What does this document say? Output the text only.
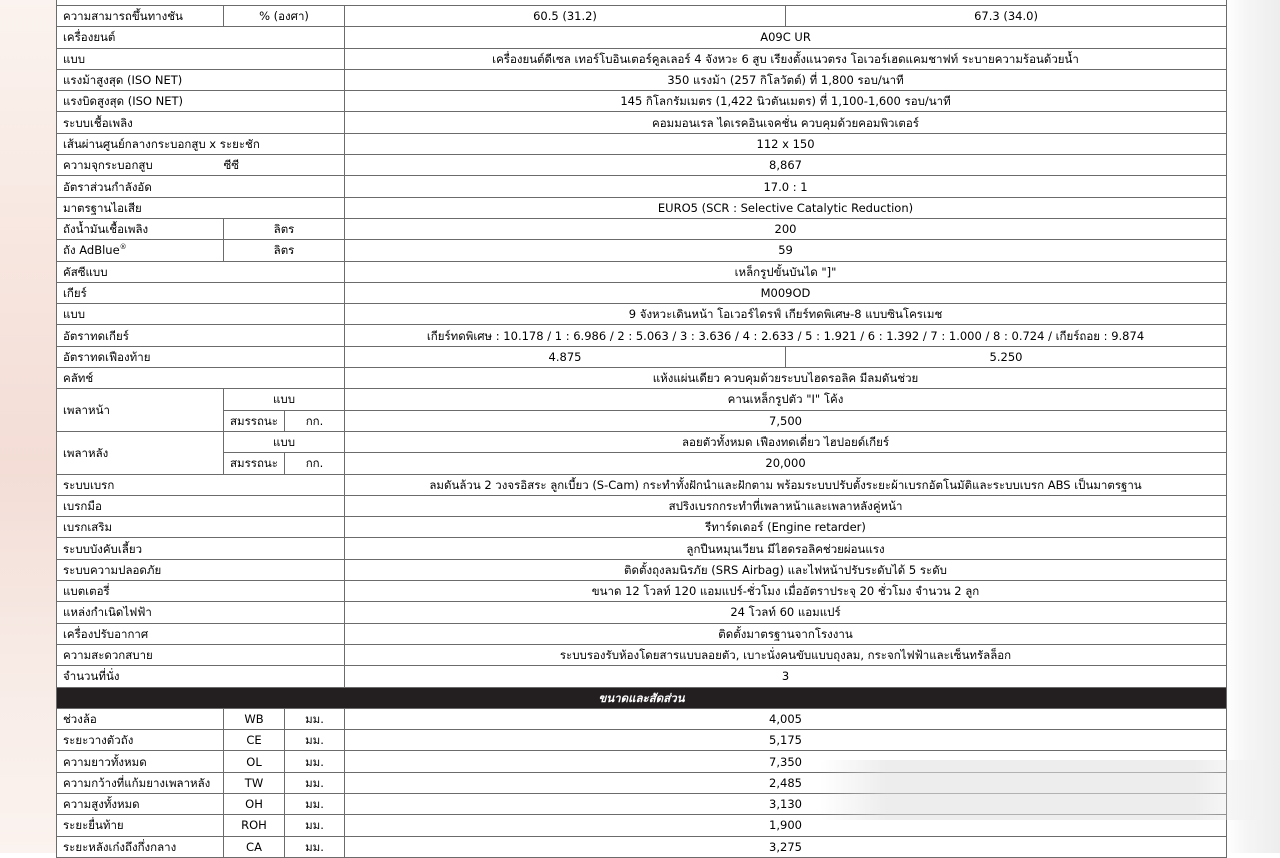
ความสามารถขึ้นทางชัน	% (องศา)		60.5 (31.2)	67.3 (34.0)
เครื่องยนต์			A09C UR	
แบบ			เครื่องยนต์ดีเซล เทอร์โบอินเตอร์คูลเลอร์ 4 จังหวะ 6 สูบ เรียงตั้งแนวตรง โอเวอร์เฮดแคมชาฟท์ ระบายความร้อนด้วยน้ำ	
แรงม้าสูงสุด (ISO NET)			350 แรงม้า (257 กิโลวัตต์) ที่ 1,800 รอบ/นาที	
แรงบิดสูงสุด (ISO NET)			145 กิโลกรัมเมตร (1,422 นิวตันเมตร) ที่ 1,100-1,600 รอบ/นาที	
ระบบเชื้อเพลิง			คอมมอนเรล ไดเรคอินเจคชั่น ควบคุมด้วยคอมพิวเตอร์	
เส้นผ่านศูนย์กลางกระบอกสูบ x ระยะชัก			112 x 150	
ความจุกระบอกสูบ	ซีซี		8,867	
อัตราส่วนกำลังอัด			17.0 : 1	
มาตรฐานไอเสีย			EURO5 (SCR : Selective Catalytic Reduction)	
ถังน้ำมันเชื้อเพลิง	ลิตร		200	
ถัง AdBlue®	ลิตร		59	
คัสซีแบบ			เหล็กรูปขั้นบันได "]"	
เกียร์			M009OD	
แบบ			9 จังหวะเดินหน้า โอเวอร์ไดรฟ์ เกียร์ทดพิเศษ-8 แบบซินโครเมช	
อัตราทดเกียร์			เกียร์ทดพิเศษ : 10.178 / 1 : 6.986 / 2 : 5.063 / 3 : 3.636 / 4 : 2.633 / 5 : 1.921 / 6 : 1.392 / 7 : 1.000 / 8 : 0.724 / เกียร์ถอย : 9.874	
อัตราทดเฟืองท้าย			4.875	5.250
คลัทช์			แห้งแผ่นเดียว ควบคุมด้วยระบบไฮดรอลิค มีลมดันช่วย	
เพลาหน้า	แบบ		คานเหล็กรูปตัว "I" โค้ง	
	สมรรถนะ	กก.	7,500	
เพลาหลัง	แบบ		ลอยตัวทั้งหมด เฟืองทดเดี่ยว ไฮปอยด์เกียร์	
	สมรรถนะ	กก.	20,000	
ระบบเบรก			ลมดันล้วน 2 วงจรอิสระ ลูกเบี้ยว (S-Cam) กระทำทั้งฝักนำและฝักตาม พร้อมระบบปรับตั้งระยะผ้าเบรกอัตโนมัติและระบบเบรก ABS เป็นมาตรฐาน	
เบรกมือ			สปริงเบรกกระทำที่เพลาหน้าและเพลาหลังคู่หน้า	
เบรกเสริม			รีทาร์ดเดอร์ (Engine retarder)	
ระบบบังคับเลี้ยว			ลูกปืนหมุนเวียน มีไฮดรอลิคช่วยผ่อนแรง	
ระบบความปลอดภัย			ติดตั้งถุงลมนิรภัย (SRS Airbag) และไฟหน้าปรับระดับได้ 5 ระดับ	
แบตเตอรี่			ขนาด 12 โวลท์ 120 แอมแปร์-ชั่วโมง เมื่ออัตราประจุ 20 ชั่วโมง จำนวน 2 ลูก	
แหล่งกำเนิดไฟฟ้า			24 โวลท์ 60 แอมแปร์	
เครื่องปรับอากาศ			ติดตั้งมาตรฐานจากโรงงาน	
ความสะดวกสบาย			ระบบรองรับห้องโดยสารแบบลอยตัว, เบาะนั่งคนขับแบบถุงลม, กระจกไฟฟ้าและเซ็นทรัลล็อก	
จำนวนที่นั่ง			3	
ขนาดและสัดส่วน				
ช่วงล้อ	WB	มม.	4,005	
ระยะวางตัวถัง	CE	มม.	5,175	
ความยาวทั้งหมด	OL	มม.	7,350	
ความกว้างที่แก้มยางเพลาหลัง	TW	มม.	2,485	
ความสูงทั้งหมด	OH	มม.	3,130	
ระยะยื่นท้าย	ROH	มม.	1,900	
ระยะหลังเก๋งถึงกึ่งกลาง	CA	มม.	3,275	
